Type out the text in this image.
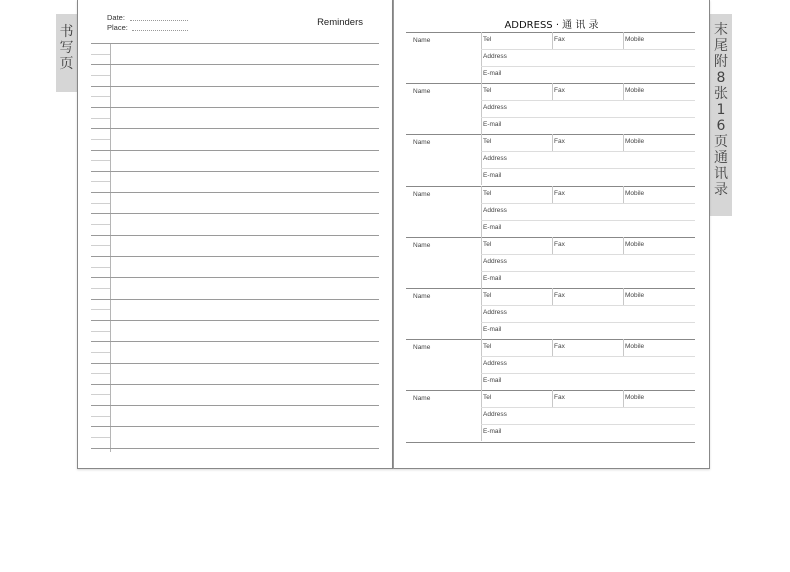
书
写
页
末
尾
附
8
张
1
6
页
通
讯
录
Date:
Place:	Reminders	ADDRESS · 通 讯 录
Name	Tel	Fax	Mobile
Address
E-mail
Name	Tel	Fax	Mobile
Address
E-mail
Name	Tel	Fax	Mobile
Address
E-mail
Name	Tel	Fax	Mobile
Address
E-mail
Name	Tel	Fax	Mobile
Address
E-mail
Name	Tel	Fax	Mobile
Address
E-mail
Name	Tel	Fax	Mobile
Address
E-mail
Name	Tel	Fax	Mobile
Address
E-mail
